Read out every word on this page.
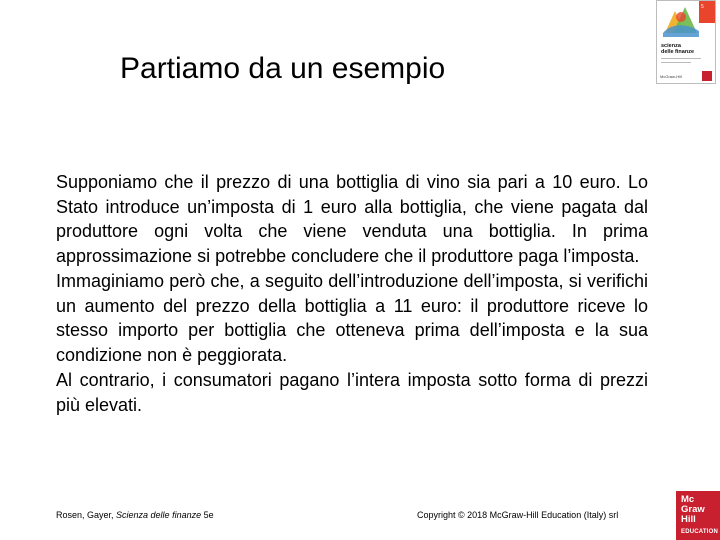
Partiamo da un esempio

Supponiamo che il prezzo di una bottiglia di vino sia pari a 10 euro. Lo Stato introduce un’imposta di 1 euro alla bottiglia, che viene pagata dal produttore ogni volta che viene venduta una bottiglia. In prima approssimazione si potrebbe concludere che il produttore paga l’imposta.

Immaginiamo però che, a seguito dell’introduzione dell’imposta, si verifichi un aumento del prezzo della bottiglia a 11 euro: il produttore riceve lo stesso importo per bottiglia che otteneva prima dell’imposta e la sua condizione non è peggiorata.

Al contrario, i consumatori pagano l’intera imposta sotto forma di prezzi più elevati.

5
scienza
delle finanze
McGraw-Hill
Rosen, Gayer, Scienza delle finanze 5e	Copyright © 2018 McGraw-Hill Education (Italy) srl
Mc
Graw
Hill
EDUCATION
